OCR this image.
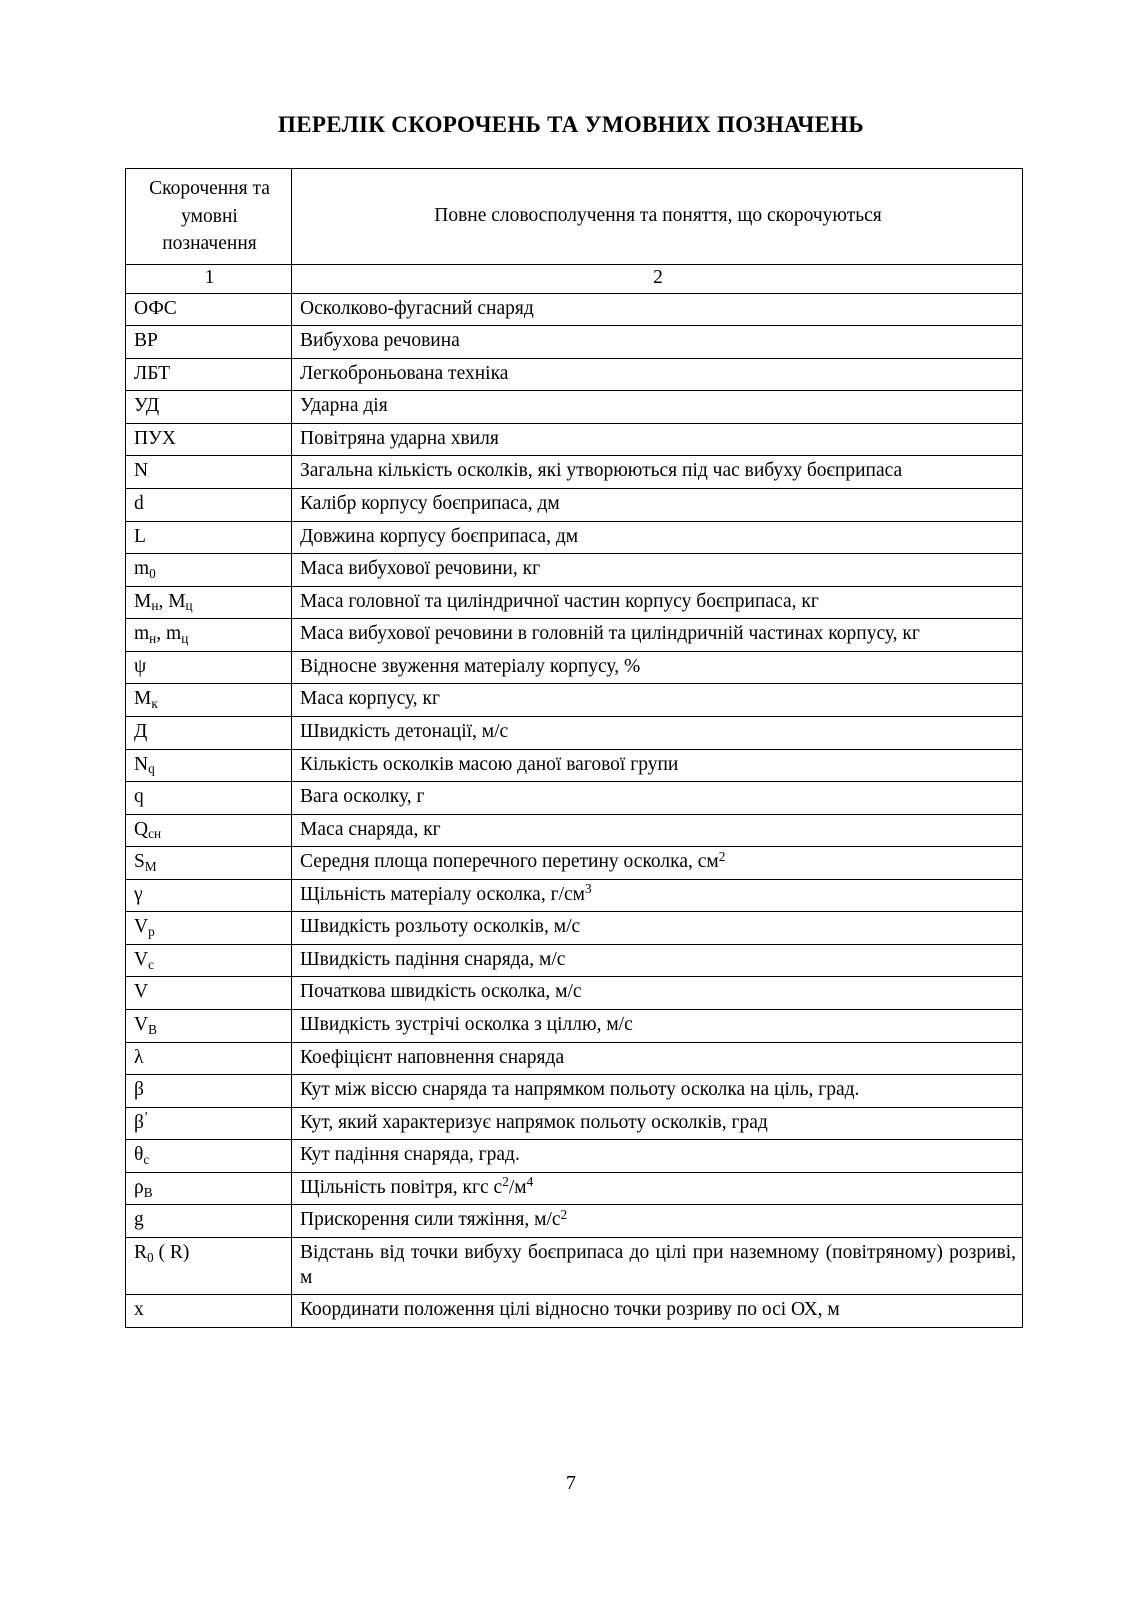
ПЕРЕЛІК СКОРОЧЕНЬ ТА УМОВНИХ ПОЗНАЧЕНЬ
Скорочення та умовні позначення	Повне словосполучення та поняття, що скорочуються
1	2
ОФС	Осколково-фугасний снаряд
ВР	Вибухова речовина
ЛБТ	Легкоброньована техніка
УД	Ударна дія
ПУХ	Повітряна ударна хвиля
N	Загальна кількість осколків, які утворюються під час вибуху боєприпаса
d	Калібр корпусу боєприпаса, дм
L	Довжина корпусу боєприпаса, дм
$m_0$	Маса вибухової речовини, кг
$M_н$, $M_ц$	Маса головної та циліндричної частин корпусу боєприпаса, кг
$m_н$, $m_ц$	Маса вибухової речовини в головній та циліндричній частинах корпусу, кг
ψ	Відносне звуження матеріалу корпусу, %
$M_к$	Маса корпусу, кг
Д	Швидкість детонації, м/с
$N_q$	Кількість осколків масою даної вагової групи
q	Вага осколку, г
$Q_{сн}$	Маса снаряда, кг
$S_М$	Середня площа поперечного перетину осколка, $см^2$
γ	Щільність матеріалу осколка, $г/см^3$
$V_p$	Швидкість розльоту осколків, м/с
$V_c$	Швидкість падіння снаряда, м/с
V	Початкова швидкість осколка, м/с
$V_В$	Швидкість зустрічі осколка з ціллю, м/с
λ	Коефіцієнт наповнення снаряда
β	Кут між віссю снаряда та напрямком польоту осколка на ціль, град.
β’	Кут, який характеризує напрямок польоту осколків, град
$\theta_c$	Кут падіння снаряда, град.
$\rho_В$	Щільність повітря, кгс $с^2/м^4$
g	Прискорення сили тяжіння, $м/с^2$
$R_0$ ( R)	Відстань від точки вибуху боєприпаса до цілі при наземному (повітряному) розриві, м
x	Координати положення цілі відносно точки розриву по осі ОХ, м
7
